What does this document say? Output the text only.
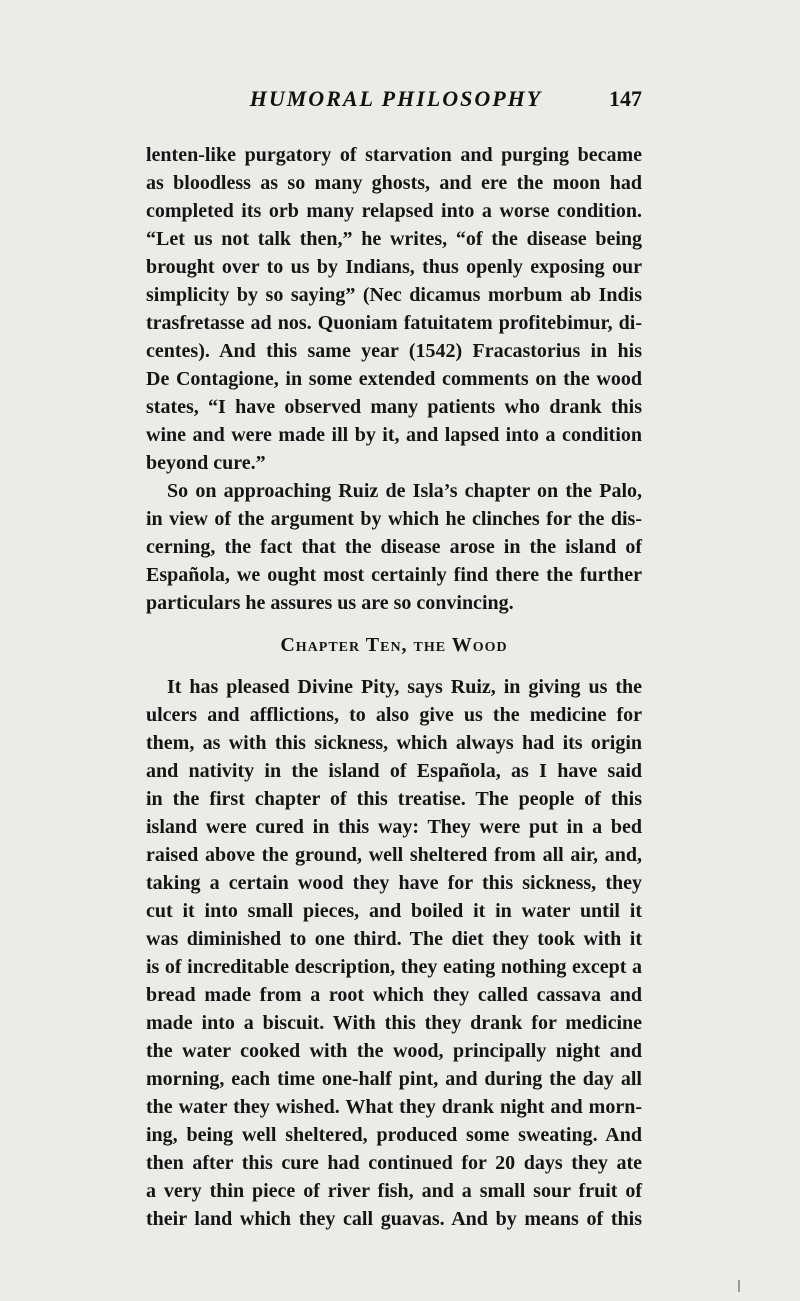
HUMORAL PHILOSOPHY	147
lenten-like purgatory of starvation and purging became
as bloodless as so many ghosts, and ere the moon had
completed its orb many relapsed into a worse condition.
“Let us not talk then,” he writes, “of the disease being
brought over to us by Indians, thus openly exposing our
simplicity by so saying” (Nec dicamus morbum ab Indis
trasfretasse ad nos. Quoniam fatuitatem profitebimur, di-
centes). And this same year (1542) Fracastorius in his
De Contagione, in some extended comments on the wood
states, “I have observed many patients who drank this
wine and were made ill by it, and lapsed into a condition
beyond cure.”
So on approaching Ruiz de Isla’s chapter on the Palo,
in view of the argument by which he clinches for the dis-
cerning, the fact that the disease arose in the island of
Española, we ought most certainly find there the further
particulars he assures us are so convincing.
Chapter Ten, the Wood
It has pleased Divine Pity, says Ruiz, in giving us the
ulcers and afflictions, to also give us the medicine for
them, as with this sickness, which always had its origin
and nativity in the island of Española, as I have said
in the first chapter of this treatise. The people of this
island were cured in this way: They were put in a bed
raised above the ground, well sheltered from all air, and,
taking a certain wood they have for this sickness, they
cut it into small pieces, and boiled it in water until it
was diminished to one third. The diet they took with it
is of increditable description, they eating nothing except a
bread made from a root which they called cassava and
made into a biscuit. With this they drank for medicine
the water cooked with the wood, principally night and
morning, each time one-half pint, and during the day all
the water they wished. What they drank night and morn-
ing, being well sheltered, produced some sweating. And
then after this cure had continued for 20 days they ate
a very thin piece of river fish, and a small sour fruit of
their land which they call guavas. And by means of this
